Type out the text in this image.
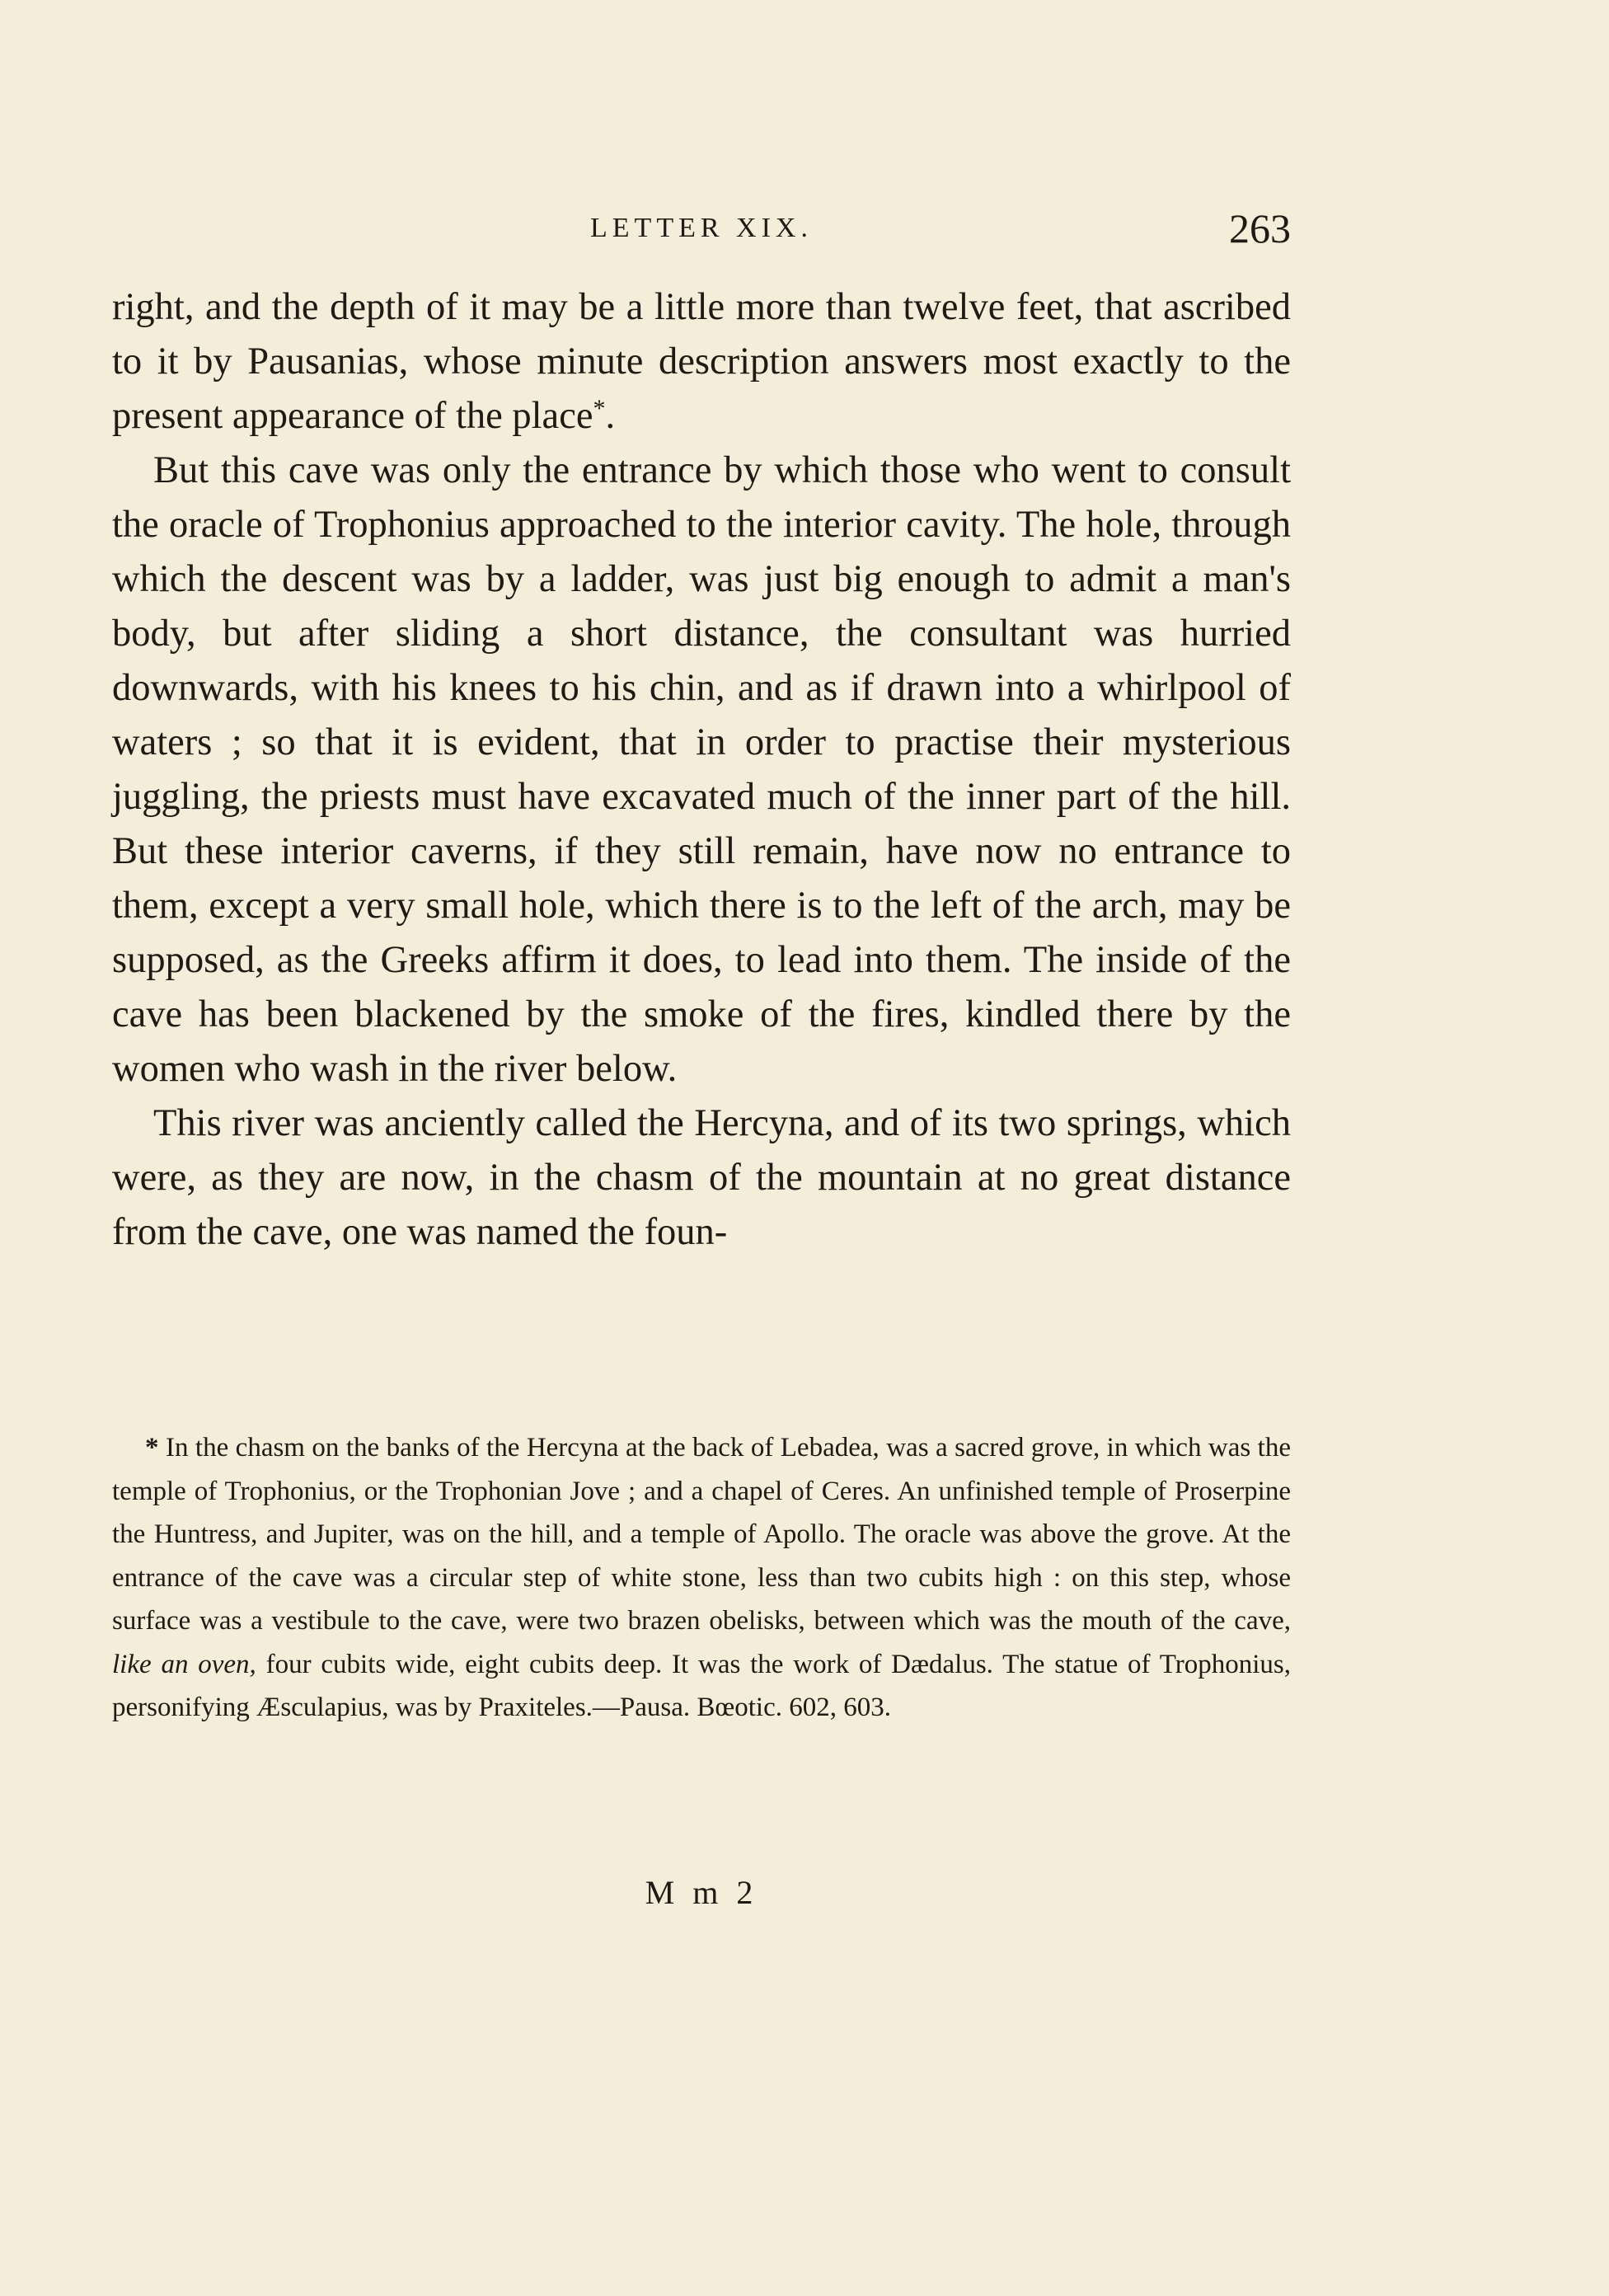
LETTER XIX.	263

right, and the depth of it may be a little more than twelve feet, that ascribed to it by Pausanias, whose minute description answers most exactly to the present appearance of the place*.

But this cave was only the entrance by which those who went to consult the oracle of Trophonius approached to the interior cavity. The hole, through which the descent was by a ladder, was just big enough to admit a man's body, but after sliding a short distance, the consultant was hurried downwards, with his knees to his chin, and as if drawn into a whirlpool of waters ; so that it is evident, that in order to practise their mysterious juggling, the priests must have excavated much of the inner part of the hill. But these interior caverns, if they still remain, have now no entrance to them, except a very small hole, which there is to the left of the arch, may be supposed, as the Greeks affirm it does, to lead into them. The inside of the cave has been blackened by the smoke of the fires, kindled there by the women who wash in the river below.

This river was anciently called the Hercyna, and of its two springs, which were, as they are now, in the chasm of the mountain at no great distance from the cave, one was named the foun-

* In the chasm on the banks of the Hercyna at the back of Lebadea, was a sacred grove, in which was the temple of Trophonius, or the Trophonian Jove ; and a chapel of Ceres. An unfinished temple of Proserpine the Huntress, and Jupiter, was on the hill, and a temple of Apollo. The oracle was above the grove. At the entrance of the cave was a circular step of white stone, less than two cubits high : on this step, whose surface was a vestibule to the cave, were two brazen obelisks, between which was the mouth of the cave, like an oven, four cubits wide, eight cubits deep. It was the work of Dædalus. The statue of Trophonius, personifying Æsculapius, was by Praxiteles.—Pausa. Bœotic. 602, 603.

M m 2
